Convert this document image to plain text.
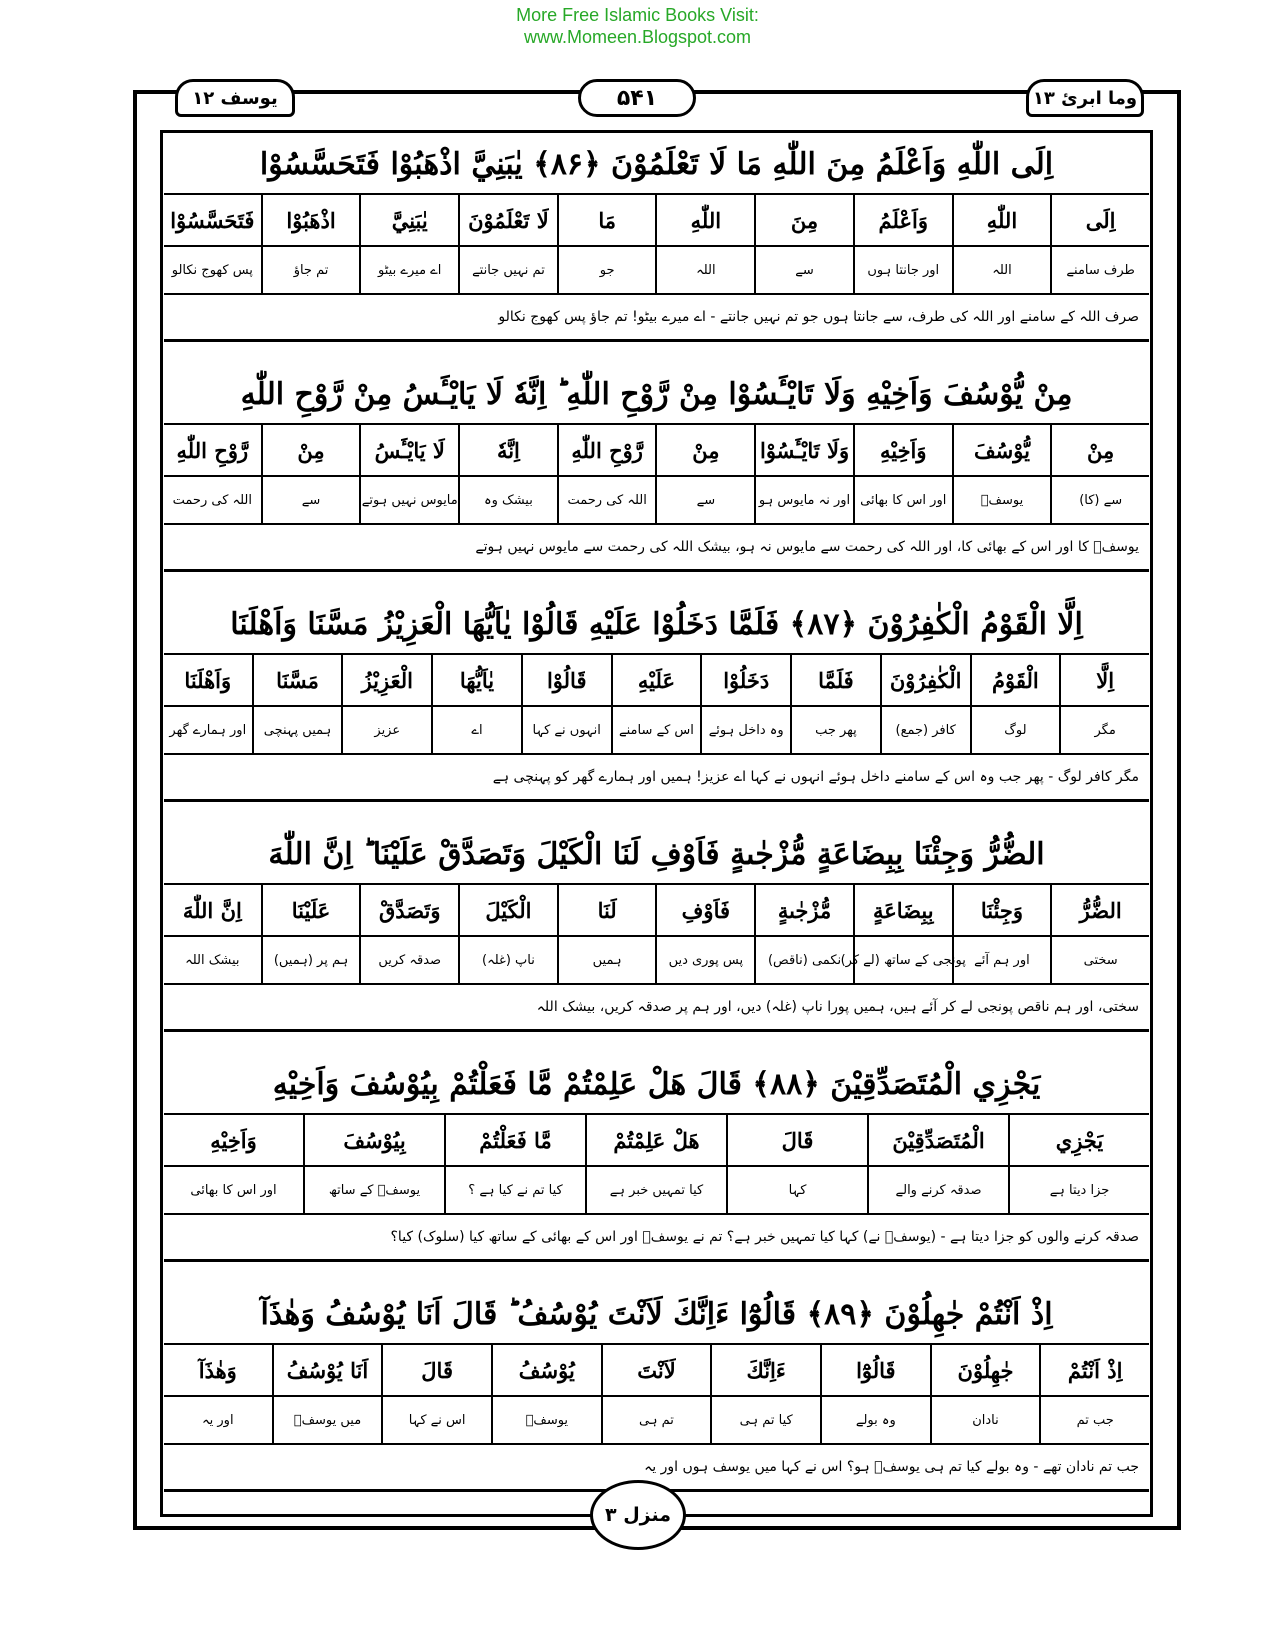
More Free Islamic Books Visit:
www.Momeen.Blogspot.com
یوسف ۱۲	۵۴۱	وما ابرئ ۱۳
اِلَى اللّٰهِ وَاَعْلَمُ مِنَ اللّٰهِ مَا لَا تَعْلَمُوْنَ ﴿۸۶﴾ يٰبَنِيَّ اذْهَبُوْا فَتَحَسَّسُوْا
اِلَى
اللّٰهِ
وَاَعْلَمُ
مِنَ
اللّٰهِ
مَا
لَا تَعْلَمُوْنَ
يٰبَنِيَّ
اذْهَبُوْا
فَتَحَسَّسُوْا
طرف سامنے
اللہ
اور جانتا ہوں
سے
اللہ
جو
تم نہیں جانتے
اے میرے بیٹو
تم جاؤ
پس کھوج نکالو
صرف اللہ کے سامنے اور اللہ کی طرف، سے جانتا ہوں جو تم نہیں جانتے - اے میرے بیٹو! تم جاؤ پس کھوج نکالو
مِنْ يُّوْسُفَ وَاَخِيْهِ وَلَا تَايْـَٔسُوْا مِنْ رَّوْحِ اللّٰهِ ؕ اِنَّهٗ لَا يَايْـَٔسُ مِنْ رَّوْحِ اللّٰهِ
مِنْ
يُّوْسُفَ
وَاَخِيْهِ
وَلَا تَايْـَٔسُوْا
مِنْ
رَّوْحِ اللّٰهِ
اِنَّهٗ
لَا يَايْـَٔسُ
مِنْ
رَّوْحِ اللّٰهِ
سے (کا)
یوسفؑ
اور اس کا بھائی
اور نہ مایوس ہو
سے
اللہ کی رحمت
بیشک وہ
مایوس نہیں ہوتے
سے
اللہ کی رحمت
یوسفؑ کا اور اس کے بھائی کا، اور اللہ کی رحمت سے مایوس نہ ہو، بیشک اللہ کی رحمت سے مایوس نہیں ہوتے
اِلَّا الْقَوْمُ الْكٰفِرُوْنَ ﴿۸۷﴾ فَلَمَّا دَخَلُوْا عَلَيْهِ قَالُوْا يٰاَيُّهَا الْعَزِيْزُ مَسَّنَا وَاَهْلَنَا
اِلَّا
الْقَوْمُ
الْكٰفِرُوْنَ
فَلَمَّا
دَخَلُوْا
عَلَيْهِ
قَالُوْا
يٰاَيُّهَا
الْعَزِيْزُ
مَسَّنَا
وَاَهْلَنَا
مگر
لوگ
کافر (جمع)
پھر جب
وہ داخل ہوئے
اس کے سامنے
انہوں نے کہا
اے
عزیز
ہمیں پہنچی
اور ہمارے گھر
مگر کافر لوگ - پھر جب وہ اس کے سامنے داخل ہوئے انہوں نے کہا اے عزیز! ہمیں اور ہمارے گھر کو پہنچی ہے
الضُّرُّ وَجِئْنَا بِبِضَاعَةٍ مُّزْجٰىةٍ فَاَوْفِ لَنَا الْكَيْلَ وَتَصَدَّقْ عَلَيْنَا ؕ اِنَّ اللّٰهَ
الضُّرُّ
وَجِئْنَا
بِبِضَاعَةٍ
مُّزْجٰىةٍ
فَاَوْفِ
لَنَا
الْكَيْلَ
وَتَصَدَّقْ
عَلَيْنَا
اِنَّ اللّٰهَ
سختی
اور ہم آئے
پونجی کے ساتھ (لے کر)
نکمی (ناقص)
پس پوری دیں
ہمیں
ناپ (غلہ)
صدقہ کریں
ہم پر (ہمیں)
بیشک اللہ
سختی، اور ہم ناقص پونجی لے کر آئے ہیں، ہمیں پورا ناپ (غلہ) دیں، اور ہم پر صدقہ کریں، بیشک اللہ
يَجْزِي الْمُتَصَدِّقِيْنَ ﴿۸۸﴾ قَالَ هَلْ عَلِمْتُمْ مَّا فَعَلْتُمْ بِيُوْسُفَ وَاَخِيْهِ
يَجْزِي
الْمُتَصَدِّقِيْنَ
قَالَ
هَلْ عَلِمْتُمْ
مَّا فَعَلْتُمْ
بِيُوْسُفَ
وَاَخِيْهِ
جزا دیتا ہے
صدقہ کرنے والے
کہا
کیا تمہیں خبر ہے
کیا تم نے کیا ہے ؟
یوسفؑ کے ساتھ
اور اس کا بھائی
صدقہ کرنے والوں کو جزا دیتا ہے - (یوسفؑ نے) کہا کیا تمہیں خبر ہے؟ تم نے یوسفؑ اور اس کے بھائی کے ساتھ کیا (سلوک) کیا؟
اِذْ اَنْتُمْ جٰهِلُوْنَ ﴿۸۹﴾ قَالُوْٓا ءَاِنَّكَ لَاَنْتَ يُوْسُفُ ؕ قَالَ اَنَا يُوْسُفُ وَهٰذَآ
اِذْ اَنْتُمْ
جٰهِلُوْنَ
قَالُوْٓا
ءَاِنَّكَ
لَاَنْتَ
يُوْسُفُ
قَالَ
اَنَا يُوْسُفُ
وَهٰذَآ
جب تم
نادان
وہ بولے
کیا تم ہی
تم ہی
یوسفؑ
اس نے کہا
میں یوسفؑ
اور یہ
جب تم نادان تھے - وہ بولے کیا تم ہی یوسفؑ ہو؟ اس نے کہا میں یوسف ہوں اور یہ
منزل ۳
